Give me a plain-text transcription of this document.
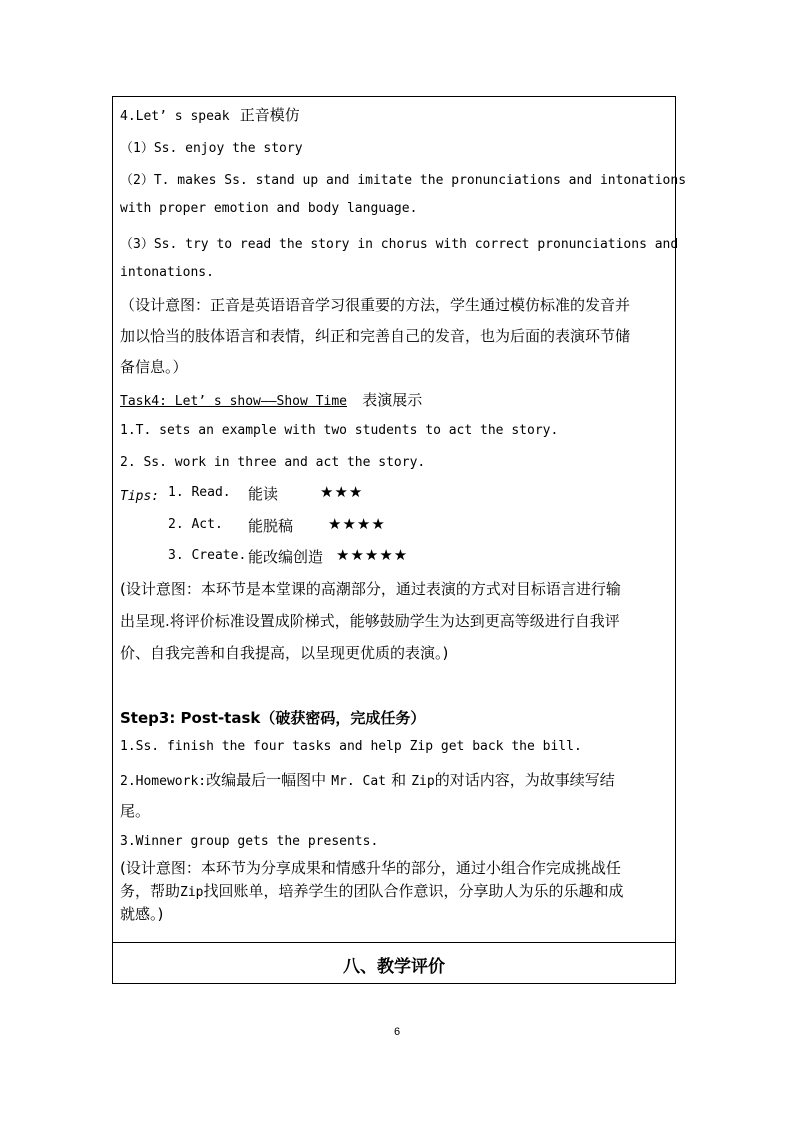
4.Let’ s speak 正音模仿
（1）Ss. enjoy the story
（2）T. makes Ss. stand up and imitate the pronunciations and intonations
with proper emotion and body language.
（3）Ss. try to read the story in chorus with correct pronunciations and
intonations.
（设计意图：正音是英语语音学习很重要的方法，学生通过模仿标准的发音并
加以恰当的肢体语言和表情，纠正和完善自己的发音，也为后面的表演环节储
备信息。）
Task4: Let’ s show——Show Time 表演展示
1.T. sets an example with two students to act the story.
2. Ss. work in three and act the story.
Tips: 1. Read. 能读	★★★
2. Act. 能脱稿 ★★★★
3. Create. 能改编创造 ★★★★★
(设计意图：本环节是本堂课的高潮部分，通过表演的方式对目标语言进行输
出呈现.将评价标准设置成阶梯式，能够鼓励学生为达到更高等级进行自我评
价、自我完善和自我提高，以呈现更优质的表演。)
Step3: Post-task（破获密码，完成任务）
1.Ss. finish the four tasks and help Zip get back the bill.
2.Homework:改编最后一幅图中 Mr. Cat 和 Zip的对话内容，为故事续写结
尾。
3.Winner group gets the presents.
(设计意图：本环节为分享成果和情感升华的部分，通过小组合作完成挑战任
务，帮助Zip找回账单，培养学生的团队合作意识，分享助人为乐的乐趣和成
就感。)
八、教学评价
6
